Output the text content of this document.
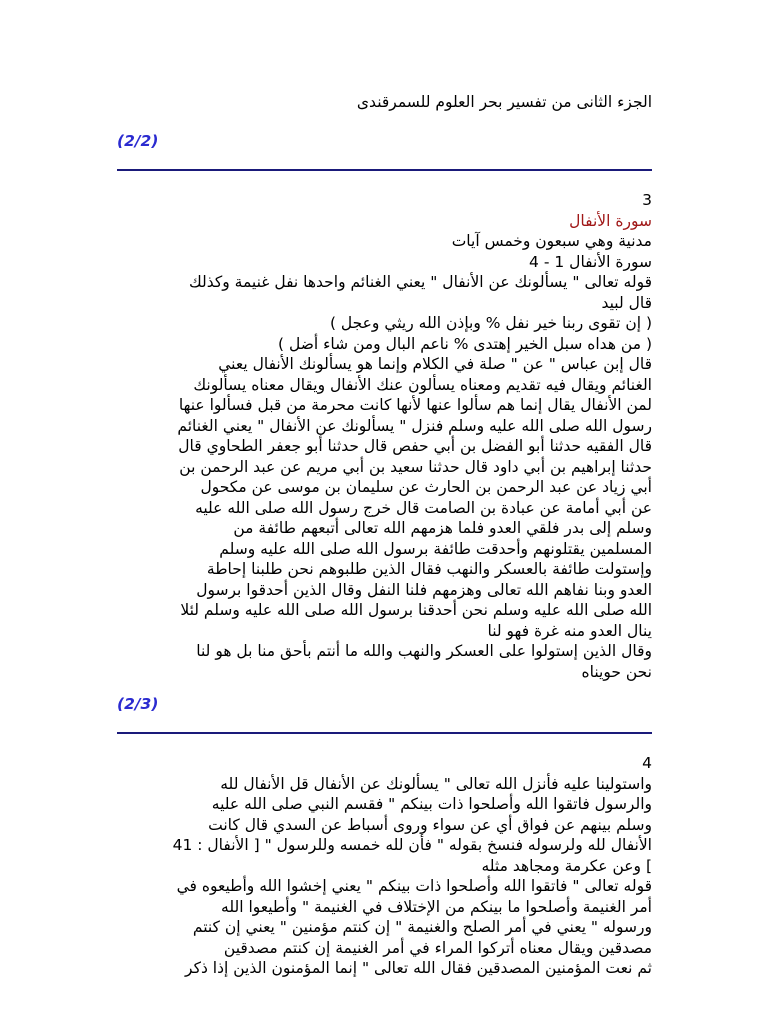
الجزء الثانى من تفسير بحر العلوم للسمرقندى
(2/2)
3
سورة الأنفال
مدنية وهي سبعون وخمس آيات
سورة الأنفال 1 - 4
قوله تعالى " يسألونك عن الأنفال " يعني الغنائم واحدها نفل غنيمة وكذلك
قال لبيد
( إن تقوى ربنا خير نفل % وبإذن الله ريثي وعجل )
( من هداه سبل الخير إهتدى % ناعم البال ومن شاء أضل )
قال إبن عباس " عن " صلة في الكلام وإنما هو يسألونك الأنفال يعني
الغنائم ويقال فيه تقديم ومعناه يسألون عنك الأنفال ويقال معناه يسألونك
لمن الأنفال يقال إنما هم سألوا عنها لأنها كانت محرمة من قبل فسألوا عنها
رسول الله صلى الله عليه وسلم فنزل " يسألونك عن الأنفال " يعني الغنائم
قال الفقيه حدثنا أبو الفضل بن أبي حفص قال حدثنا أبو جعفر الطحاوي قال
حدثنا إبراهيم بن أبي داود قال حدثنا سعيد بن أبي مريم عن عبد الرحمن بن
أبي زياد عن عبد الرحمن بن الحارث عن سليمان بن موسى عن مكحول
عن أبي أمامة عن عبادة بن الصامت قال خرج رسول الله صلى الله عليه
وسلم إلى بدر فلقي العدو فلما هزمهم الله تعالى أتبعهم طائفة من
المسلمين يقتلونهم وأحدقت طائفة برسول الله صلى الله عليه وسلم
وإستولت طائفة بالعسكر والنهب فقال الذين طلبوهم نحن طلبنا إحاطة
العدو وبنا نفاهم الله تعالى وهزمهم فلنا النفل وقال الذين أحدقوا برسول
الله صلى الله عليه وسلم نحن أحدقنا برسول الله صلى الله عليه وسلم لئلا
ينال العدو منه غرة فهو لنا
وقال الذين إستولوا على العسكر والنهب والله ما أنتم بأحق منا بل هو لنا
نحن حويناه
(2/3)
4
واستولينا عليه فأنزل الله تعالى " يسألونك عن الأنفال قل الأنفال لله
والرسول فاتقوا الله وأصلحوا ذات بينكم " فقسم النبي صلى الله عليه
وسلم بينهم عن فواق أي عن سواء وروى أسباط عن السدي قال كانت
الأنفال لله ولرسوله فنسخ بقوله " فأن لله خمسه وللرسول " [ الأنفال : 41
] وعن عكرمة ومجاهد مثله
قوله تعالى " فاتقوا الله وأصلحوا ذات بينكم " يعني إخشوا الله وأطيعوه في
أمر الغنيمة وأصلحوا ما بينكم من الإختلاف في الغنيمة " وأطيعوا الله
ورسوله " يعني في أمر الصلح والغنيمة " إن كنتم مؤمنين " يعني إن كنتم
مصدقين ويقال معناه أتركوا المراء في أمر الغنيمة إن كنتم مصدقين
ثم نعت المؤمنين المصدقين فقال الله تعالى " إنما المؤمنون الذين إذا ذكر
